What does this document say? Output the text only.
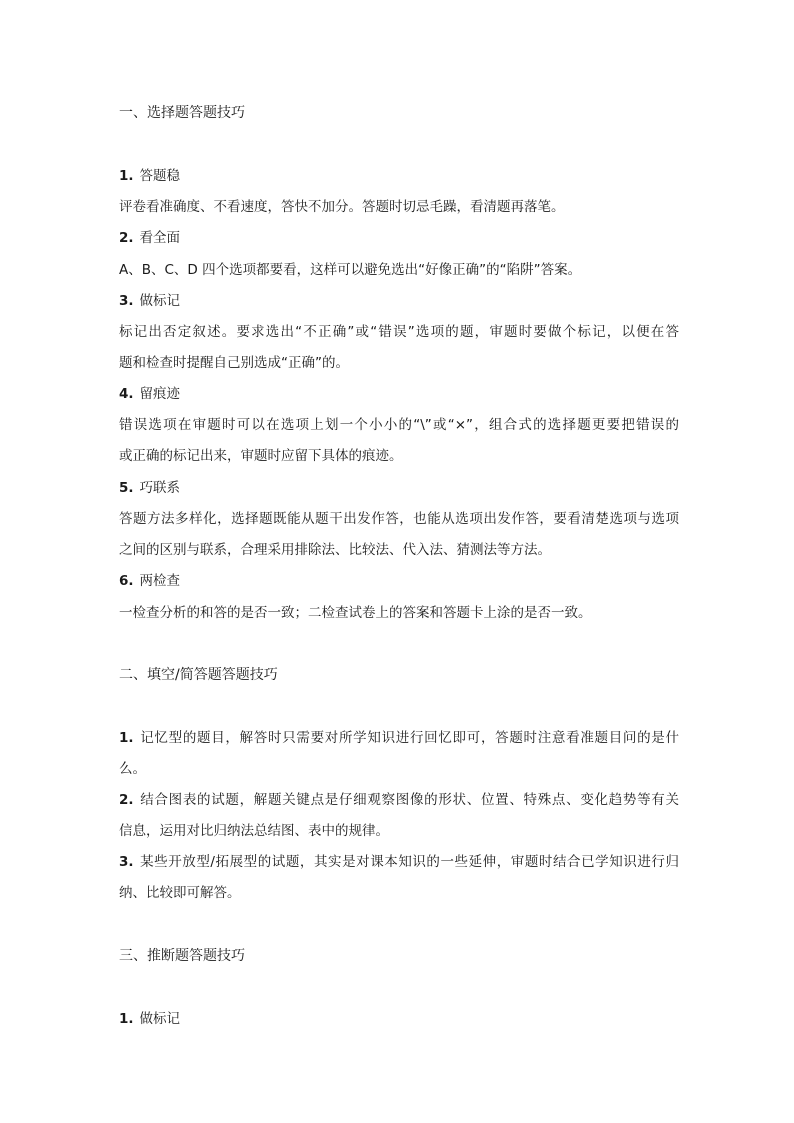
一、选择题答题技巧
1. 答题稳
评卷看准确度、不看速度，答快不加分。答题时切忌毛躁，看清题再落笔。
2. 看全面
A、B、C、D 四个选项都要看，这样可以避免选出“好像正确”的“陷阱”答案。
3. 做标记
标记出否定叙述。要求选出“不正确”或“错误”选项的题，审题时要做个标记，以便在答
题和检查时提醒自己别选成“正确”的。
4. 留痕迹
错误选项在审题时可以在选项上划一个小小的“\”或“×”，组合式的选择题更要把错误的
或正确的标记出来，审题时应留下具体的痕迹。
5. 巧联系
答题方法多样化，选择题既能从题干出发作答，也能从选项出发作答，要看清楚选项与选项
之间的区别与联系，合理采用排除法、比较法、代入法、猜测法等方法。
6. 两检查
一检查分析的和答的是否一致；二检查试卷上的答案和答题卡上涂的是否一致。
二、填空/简答题答题技巧
1. 记忆型的题目，解答时只需要对所学知识进行回忆即可，答题时注意看准题目问的是什
么。
2. 结合图表的试题，解题关键点是仔细观察图像的形状、位置、特殊点、变化趋势等有关
信息，运用对比归纳法总结图、表中的规律。
3. 某些开放型/拓展型的试题，其实是对课本知识的一些延伸，审题时结合已学知识进行归
纳、比较即可解答。
三、推断题答题技巧
1. 做标记
